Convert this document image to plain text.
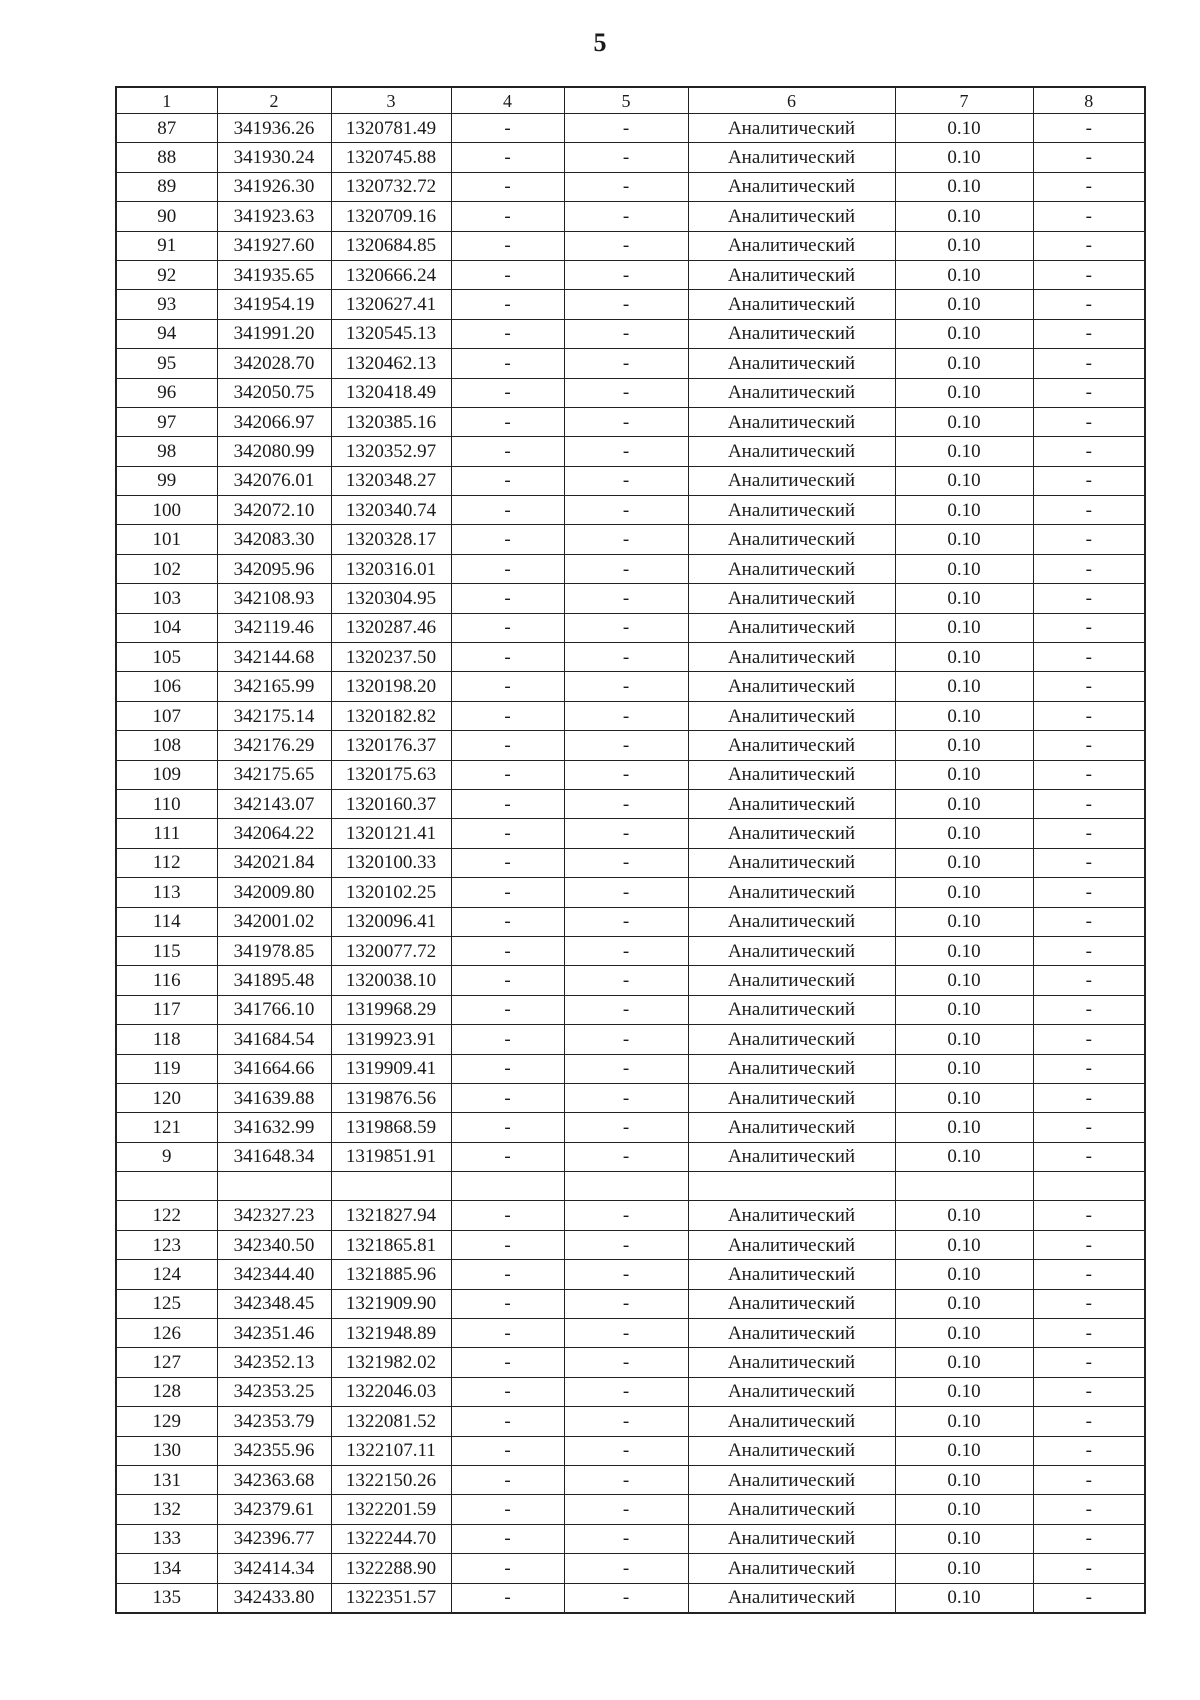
5
1	2	3	4	5	6	7	8
87	341936.26	1320781.49	-	-	Аналитический	0.10	-
88	341930.24	1320745.88	-	-	Аналитический	0.10	-
89	341926.30	1320732.72	-	-	Аналитический	0.10	-
90	341923.63	1320709.16	-	-	Аналитический	0.10	-
91	341927.60	1320684.85	-	-	Аналитический	0.10	-
92	341935.65	1320666.24	-	-	Аналитический	0.10	-
93	341954.19	1320627.41	-	-	Аналитический	0.10	-
94	341991.20	1320545.13	-	-	Аналитический	0.10	-
95	342028.70	1320462.13	-	-	Аналитический	0.10	-
96	342050.75	1320418.49	-	-	Аналитический	0.10	-
97	342066.97	1320385.16	-	-	Аналитический	0.10	-
98	342080.99	1320352.97	-	-	Аналитический	0.10	-
99	342076.01	1320348.27	-	-	Аналитический	0.10	-
100	342072.10	1320340.74	-	-	Аналитический	0.10	-
101	342083.30	1320328.17	-	-	Аналитический	0.10	-
102	342095.96	1320316.01	-	-	Аналитический	0.10	-
103	342108.93	1320304.95	-	-	Аналитический	0.10	-
104	342119.46	1320287.46	-	-	Аналитический	0.10	-
105	342144.68	1320237.50	-	-	Аналитический	0.10	-
106	342165.99	1320198.20	-	-	Аналитический	0.10	-
107	342175.14	1320182.82	-	-	Аналитический	0.10	-
108	342176.29	1320176.37	-	-	Аналитический	0.10	-
109	342175.65	1320175.63	-	-	Аналитический	0.10	-
110	342143.07	1320160.37	-	-	Аналитический	0.10	-
111	342064.22	1320121.41	-	-	Аналитический	0.10	-
112	342021.84	1320100.33	-	-	Аналитический	0.10	-
113	342009.80	1320102.25	-	-	Аналитический	0.10	-
114	342001.02	1320096.41	-	-	Аналитический	0.10	-
115	341978.85	1320077.72	-	-	Аналитический	0.10	-
116	341895.48	1320038.10	-	-	Аналитический	0.10	-
117	341766.10	1319968.29	-	-	Аналитический	0.10	-
118	341684.54	1319923.91	-	-	Аналитический	0.10	-
119	341664.66	1319909.41	-	-	Аналитический	0.10	-
120	341639.88	1319876.56	-	-	Аналитический	0.10	-
121	341632.99	1319868.59	-	-	Аналитический	0.10	-
9	341648.34	1319851.91	-	-	Аналитический	0.10	-

122	342327.23	1321827.94	-	-	Аналитический	0.10	-
123	342340.50	1321865.81	-	-	Аналитический	0.10	-
124	342344.40	1321885.96	-	-	Аналитический	0.10	-
125	342348.45	1321909.90	-	-	Аналитический	0.10	-
126	342351.46	1321948.89	-	-	Аналитический	0.10	-
127	342352.13	1321982.02	-	-	Аналитический	0.10	-
128	342353.25	1322046.03	-	-	Аналитический	0.10	-
129	342353.79	1322081.52	-	-	Аналитический	0.10	-
130	342355.96	1322107.11	-	-	Аналитический	0.10	-
131	342363.68	1322150.26	-	-	Аналитический	0.10	-
132	342379.61	1322201.59	-	-	Аналитический	0.10	-
133	342396.77	1322244.70	-	-	Аналитический	0.10	-
134	342414.34	1322288.90	-	-	Аналитический	0.10	-
135	342433.80	1322351.57	-	-	Аналитический	0.10	-
